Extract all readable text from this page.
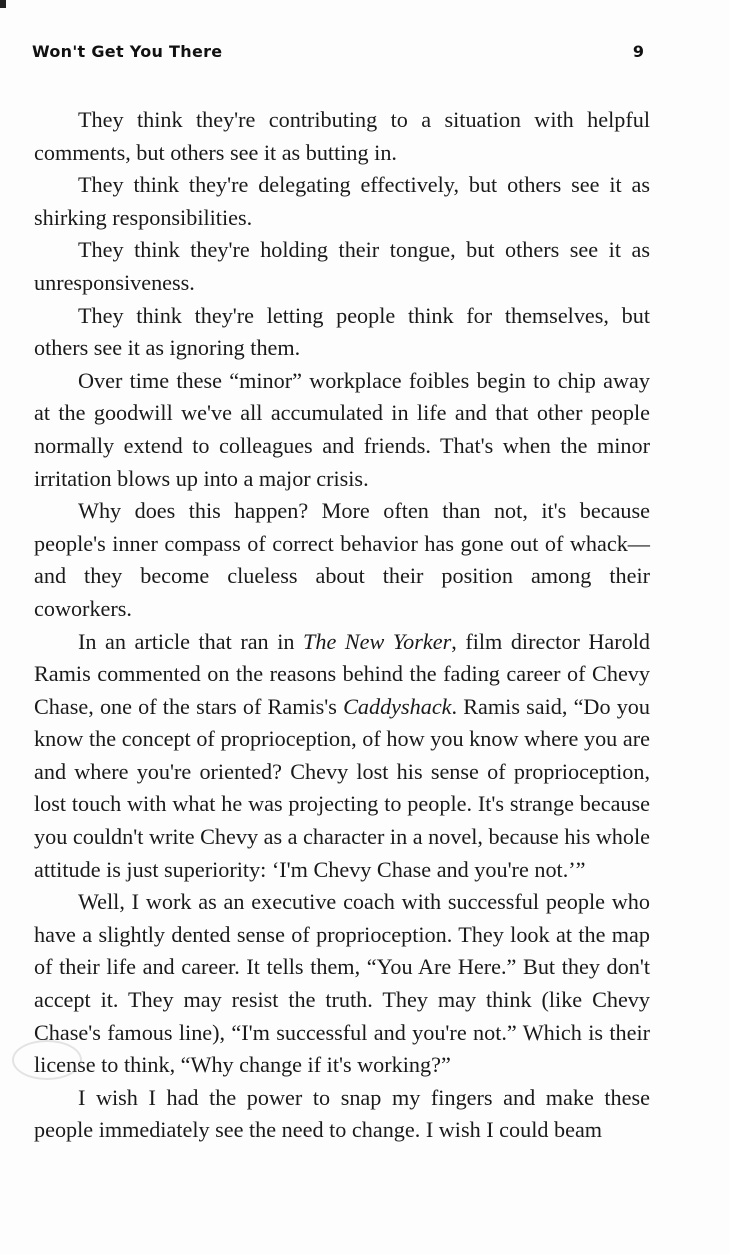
Won't Get You There	9

They think they're contributing to a situation with helpful comments, but others see it as butting in.

They think they're delegating effectively, but others see it as shirking responsibilities.

They think they're holding their tongue, but others see it as unresponsiveness.

They think they're letting people think for themselves, but others see it as ignoring them.

Over time these “minor” workplace foibles begin to chip away at the goodwill we've all accumulated in life and that other people normally extend to colleagues and friends. That's when the minor irritation blows up into a major crisis.

Why does this happen? More often than not, it's because people's inner compass of correct behavior has gone out of whack—and they become clueless about their position among their coworkers.

In an article that ran in The New Yorker, film director Harold Ramis commented on the reasons behind the fading career of Chevy Chase, one of the stars of Ramis's Caddyshack. Ramis said, “Do you know the concept of proprioception, of how you know where you are and where you're oriented? Chevy lost his sense of proprioception, lost touch with what he was projecting to people. It's strange because you couldn't write Chevy as a character in a novel, because his whole attitude is just superiority: ‘I'm Chevy Chase and you're not.’”

Well, I work as an executive coach with successful people who have a slightly dented sense of proprioception. They look at the map of their life and career. It tells them, “You Are Here.” But they don't accept it. They may resist the truth. They may think (like Chevy Chase's famous line), “I'm successful and you're not.” Which is their license to think, “Why change if it's working?”

I wish I had the power to snap my fingers and make these people immediately see the need to change. I wish I could beam
